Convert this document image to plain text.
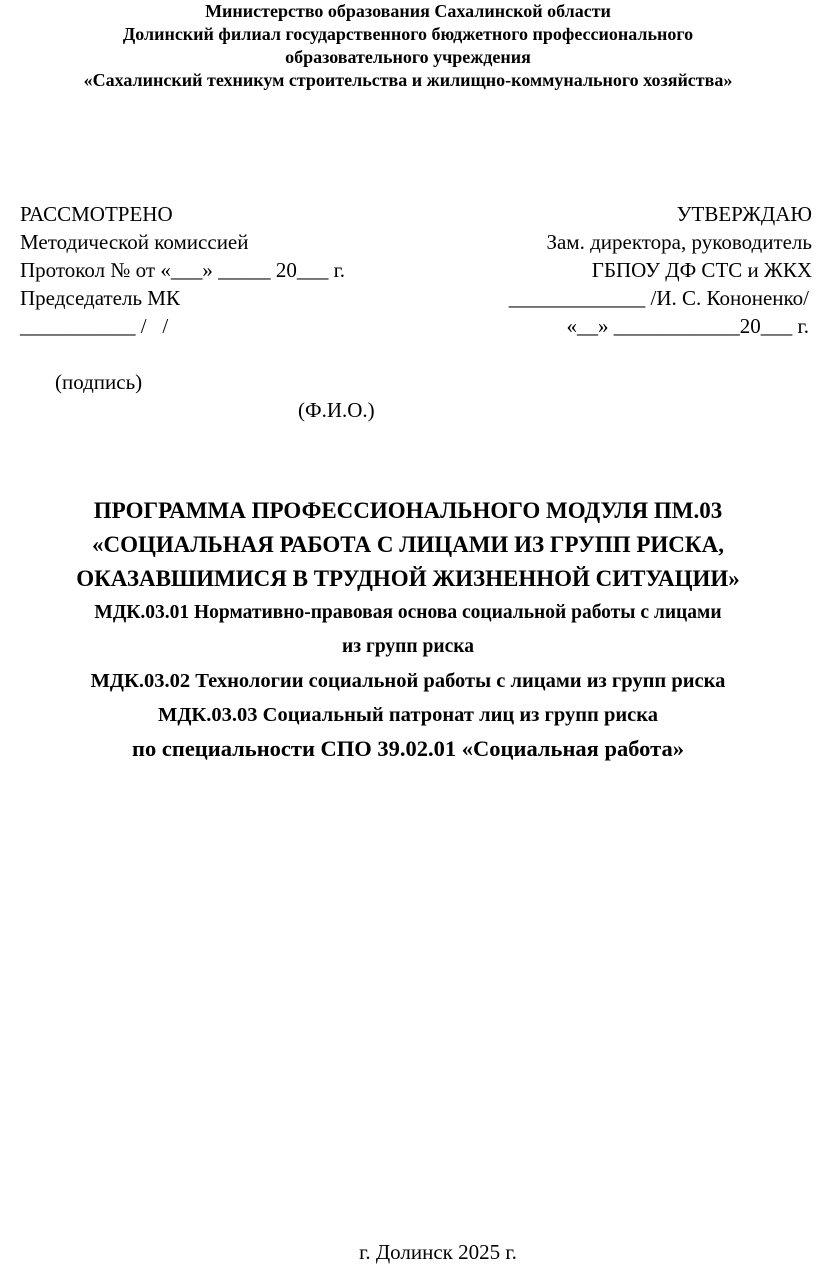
Министерство образования Сахалинской области
Долинский филиал государственного бюджетного профессионального
образовательного учреждения
«Сахалинский техникум строительства и жилищно-коммунального хозяйства»
РАССМОТРЕНО	УТВЕРЖДАЮ
Методической комиссией	Зам. директора, руководитель
Протокол № от «___» _____ 20___ г.	ГБПОУ ДФ СТС и ЖКХ
Председатель МК	_____________ /И. С. Кононенко/
___________ /   /	«__» ____________20___ г.

(подпись)

(Ф.И.О.)

ПРОГРАММА ПРОФЕССИОНАЛЬНОГО МОДУЛЯ ПМ.03
«СОЦИАЛЬНАЯ РАБОТА С ЛИЦАМИ ИЗ ГРУПП РИСКА,
ОКАЗАВШИМИСЯ В ТРУДНОЙ ЖИЗНЕННОЙ СИТУАЦИИ»
МДК.03.01 Нормативно-правовая основа социальной работы с лицами
из групп риска
МДК.03.02 Технологии социальной работы с лицами из групп риска
МДК.03.03 Социальный патронат лиц из групп риска
по специальности СПО 39.02.01 «Социальная работа»
г. Долинск 2025 г.
